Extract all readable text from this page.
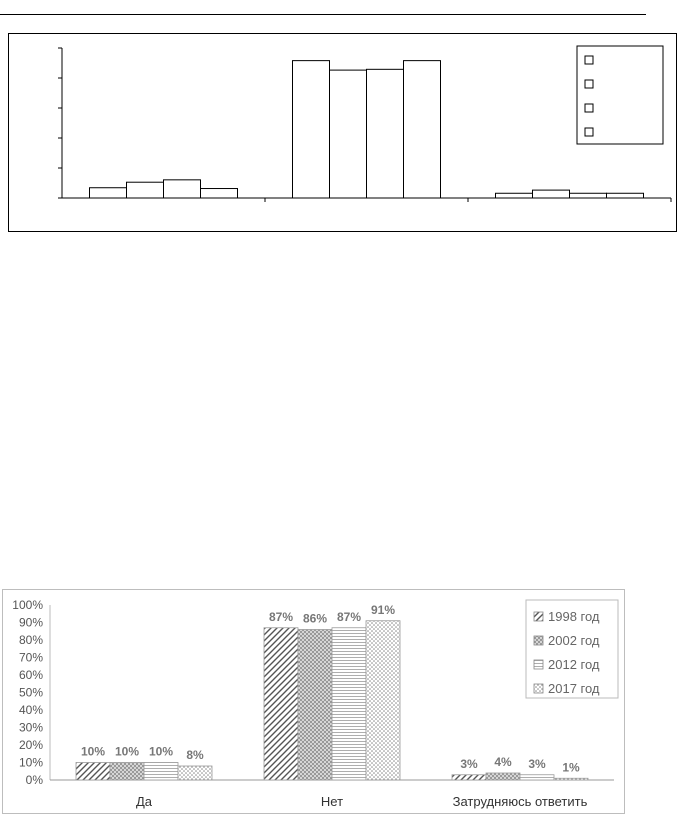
0%
10%
20%
30%
40%
50%
60%
70%
80%
90%
100%
10% 10% 10% 8%
Да
87% 86% 87% 91%
Нет
3% 4% 3% 1%
Затрудняюсь ответить
1998 год
2002 год
2012 год
2017 год
